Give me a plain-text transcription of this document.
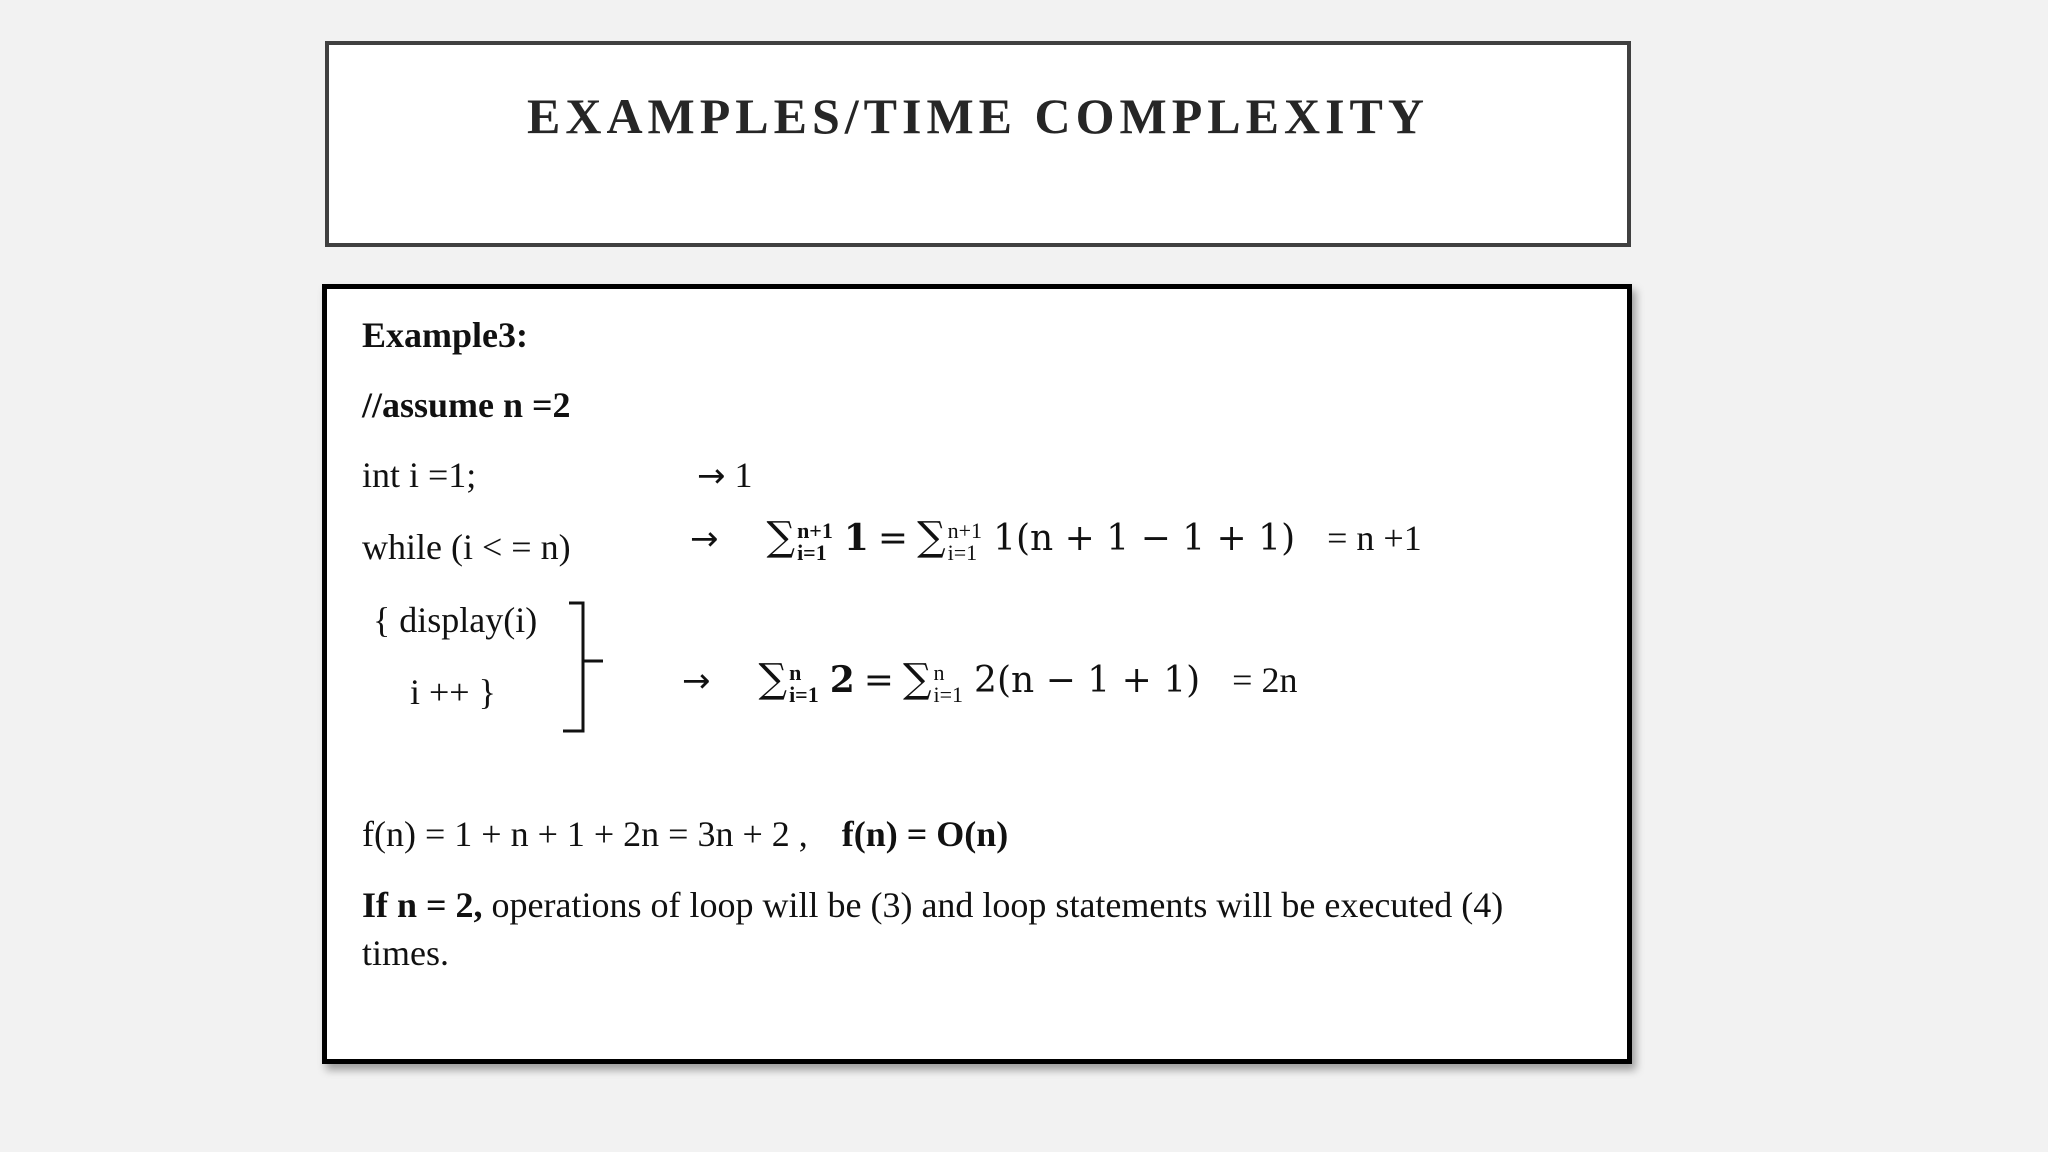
EXAMPLES/TIME COMPLEXITY
Example3:
//assume n =2
int i =1;	→ 1
while (i < = n)	→ ∑ n+1
i=1 1 = ∑ n+1
i=1 1(n + 1 − 1 + 1) = n +1
{ display(i)
i ++ }	→ ∑ n
i=1 2 = ∑ n
i=1 2(n − 1 + 1) = 2n
f(n) = 1 + n + 1 + 2n = 3n + 2 , f(n) = O(n)
If n = 2, operations of loop will be (3) and loop statements will be executed (4)
times.
